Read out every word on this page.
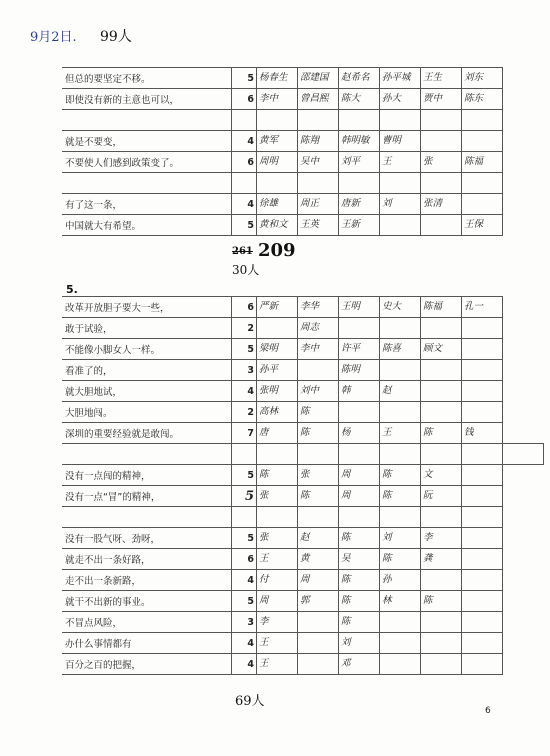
9月2日. 99人
但总的要坚定不移。	5	杨春生	邵建国	赵希名	孙平城	王生	刘东
即使没有新的主意也可以，	6	李中	曾昌熙	陈大	孙大	贾中	陈东

就是不要变，	4	黄军	陈翔	韩明敏	曹明		
不要使人们感到政策变了。	6	周明	吴中	刘平	王	张	陈福

有了这一条，	4	徐雄	周正	唐新	刘	张清	
中国就大有希望。	5	黄和文	王英	王新			王保
261 209
30人
5.
改革开放胆子要大一些，	6	严新	李华	王明	史大	陈福	孔一	
敢于试验，	2		周志					
不能像小脚女人一样。	5	梁明	李中	许平	陈喜	顾文		
看准了的，	3	孙平		陈明				
就大胆地试，	4	张明	刘中	韩	赵			
大胆地闯。	2	高林	陈					
深圳的重要经验就是敢闯。	7	唐	陈	杨	王	陈	钱	

没有一点闯的精神，	5	陈	张	周	陈	文		
没有一点“冒”的精神，	5	张	陈	周	陈	阮		

没有一股气呀、劲呀，	5	张	赵	陈	刘	李		
就走不出一条好路，	6	王	黄	吴	陈	龚		
走不出一条新路，	4	付	周	陈	孙			
就干不出新的事业。	5	周	郭	陈	林	陈		
不冒点风险，	3	李		陈				
办什么事情都有	4	王		刘				
百分之百的把握，	4	王		邓				
69人
6
